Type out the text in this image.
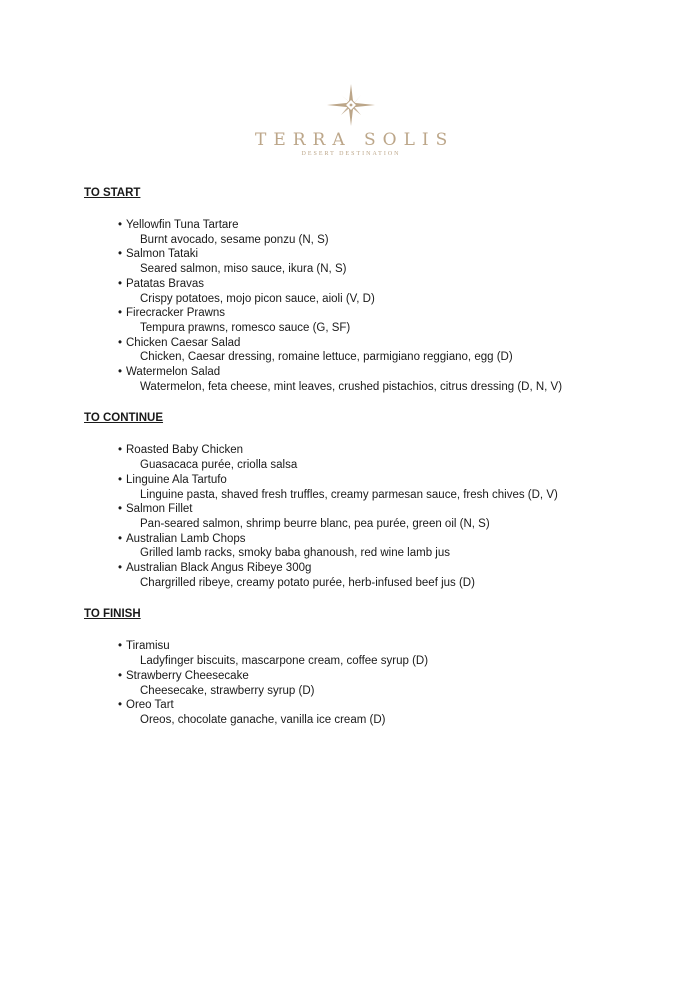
TERRA SOLIS
DESERT DESTINATION
TO START
• Yellowfin Tuna Tartare
Burnt avocado, sesame ponzu (N, S)
• Salmon Tataki
Seared salmon, miso sauce, ikura (N, S)
• Patatas Bravas
Crispy potatoes, mojo picon sauce, aioli (V, D)
• Firecracker Prawns
Tempura prawns, romesco sauce (G, SF)
• Chicken Caesar Salad
Chicken, Caesar dressing, romaine lettuce, parmigiano reggiano, egg (D)
• Watermelon Salad
Watermelon, feta cheese, mint leaves, crushed pistachios, citrus dressing (D, N, V)
TO CONTINUE
• Roasted Baby Chicken
Guasacaca purée, criolla salsa
• Linguine Ala Tartufo
Linguine pasta, shaved fresh truffles, creamy parmesan sauce, fresh chives (D, V)
• Salmon Fillet
Pan-seared salmon, shrimp beurre blanc, pea purée, green oil (N, S)
• Australian Lamb Chops
Grilled lamb racks, smoky baba ghanoush, red wine lamb jus
• Australian Black Angus Ribeye 300g
Chargrilled ribeye, creamy potato purée, herb-infused beef jus (D)
TO FINISH
• Tiramisu
Ladyfinger biscuits, mascarpone cream, coffee syrup (D)
• Strawberry Cheesecake
Cheesecake, strawberry syrup (D)
• Oreo Tart
Oreos, chocolate ganache, vanilla ice cream (D)
